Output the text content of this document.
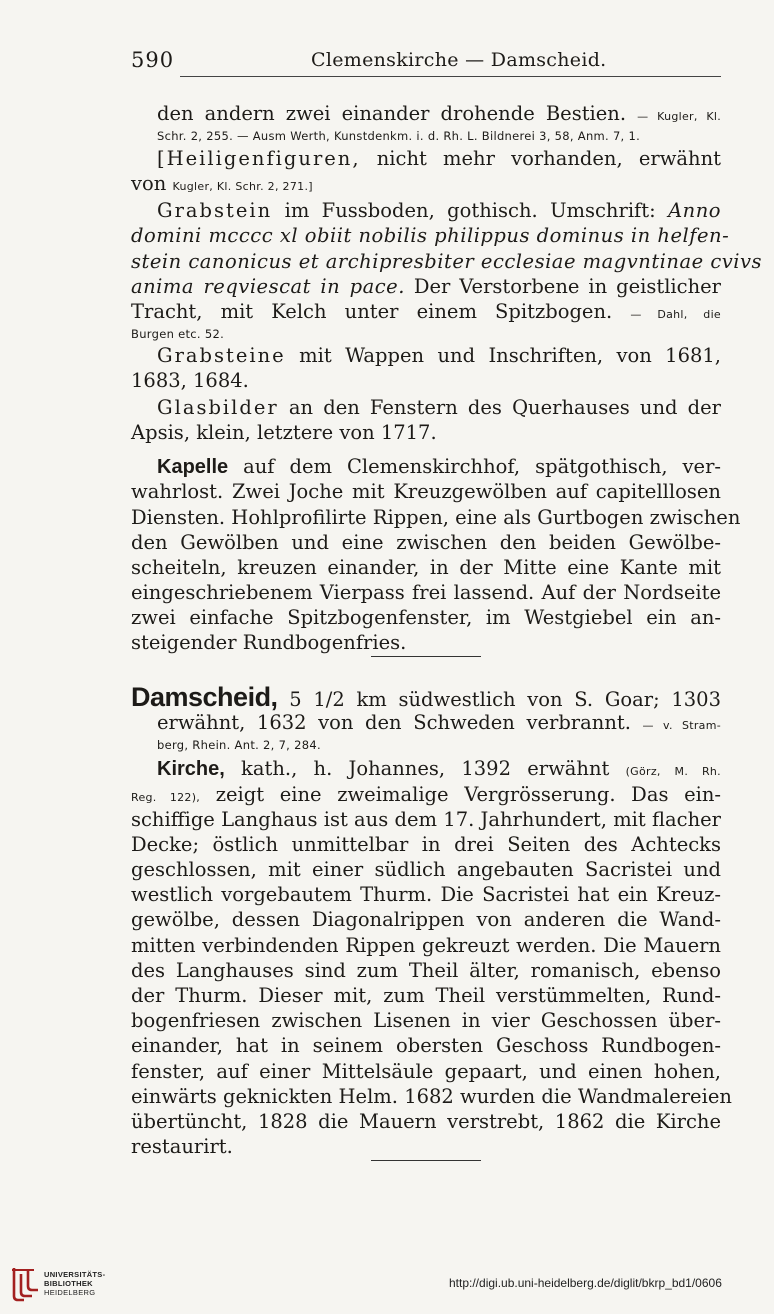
590	Clemenskirche — Damscheid.
den andern zwei einander drohende Bestien. — Kugler, Kl.
Schr. 2, 255. — Ausm Werth, Kunstdenkm. i. d. Rh. L. Bildnerei 3, 58, Anm. 7, 1.
[Heiligenfiguren, nicht mehr vorhanden, erwähnt
von Kugler, Kl. Schr. 2, 271.]
Grabstein im Fussboden, gothisch. Umschrift: Anno
domini mcccc xl obiit nobilis philippus dominus in helfen-
stein canonicus et archipresbiter ecclesiae magvntinae cvivs
anima reqviescat in pace. Der Verstorbene in geistlicher
Tracht, mit Kelch unter einem Spitzbogen. — Dahl, die
Burgen etc. 52.
Grabsteine mit Wappen und Inschriften, von 1681,
1683, 1684.
Glasbilder an den Fenstern des Querhauses und der
Apsis, klein, letztere von 1717.
Kapelle auf dem Clemenskirchhof, spätgothisch, ver-
wahrlost. Zwei Joche mit Kreuzgewölben auf capitelllosen
Diensten. Hohlprofilirte Rippen, eine als Gurtbogen zwischen
den Gewölben und eine zwischen den beiden Gewölbe-
scheiteln, kreuzen einander, in der Mitte eine Kante mit
eingeschriebenem Vierpass frei lassend. Auf der Nordseite
zwei einfache Spitzbogenfenster, im Westgiebel ein an-
steigender Rundbogenfries.
Damscheid, 5 1/2 km südwestlich von S. Goar; 1303
erwähnt, 1632 von den Schweden verbrannt. — v. Stram-
berg, Rhein. Ant. 2, 7, 284.
Kirche, kath., h. Johannes, 1392 erwähnt (Görz, M. Rh.
Reg. 122), zeigt eine zweimalige Vergrösserung. Das ein-
schiffige Langhaus ist aus dem 17. Jahrhundert, mit flacher
Decke; östlich unmittelbar in drei Seiten des Achtecks
geschlossen, mit einer südlich angebauten Sacristei und
westlich vorgebautem Thurm. Die Sacristei hat ein Kreuz-
gewölbe, dessen Diagonalrippen von anderen die Wand-
mitten verbindenden Rippen gekreuzt werden. Die Mauern
des Langhauses sind zum Theil älter, romanisch, ebenso
der Thurm. Dieser mit, zum Theil verstümmelten, Rund-
bogenfriesen zwischen Lisenen in vier Geschossen über-
einander, hat in seinem obersten Geschoss Rundbogen-
fenster, auf einer Mittelsäule gepaart, und einen hohen,
einwärts geknickten Helm. 1682 wurden die Wandmalereien
übertüncht, 1828 die Mauern verstrebt, 1862 die Kirche
restaurirt.
UNIVERSITÄTS-
BIBLIOTHEK
HEIDELBERG
http://digi.ub.uni-heidelberg.de/diglit/bkrp_bd1/0606
